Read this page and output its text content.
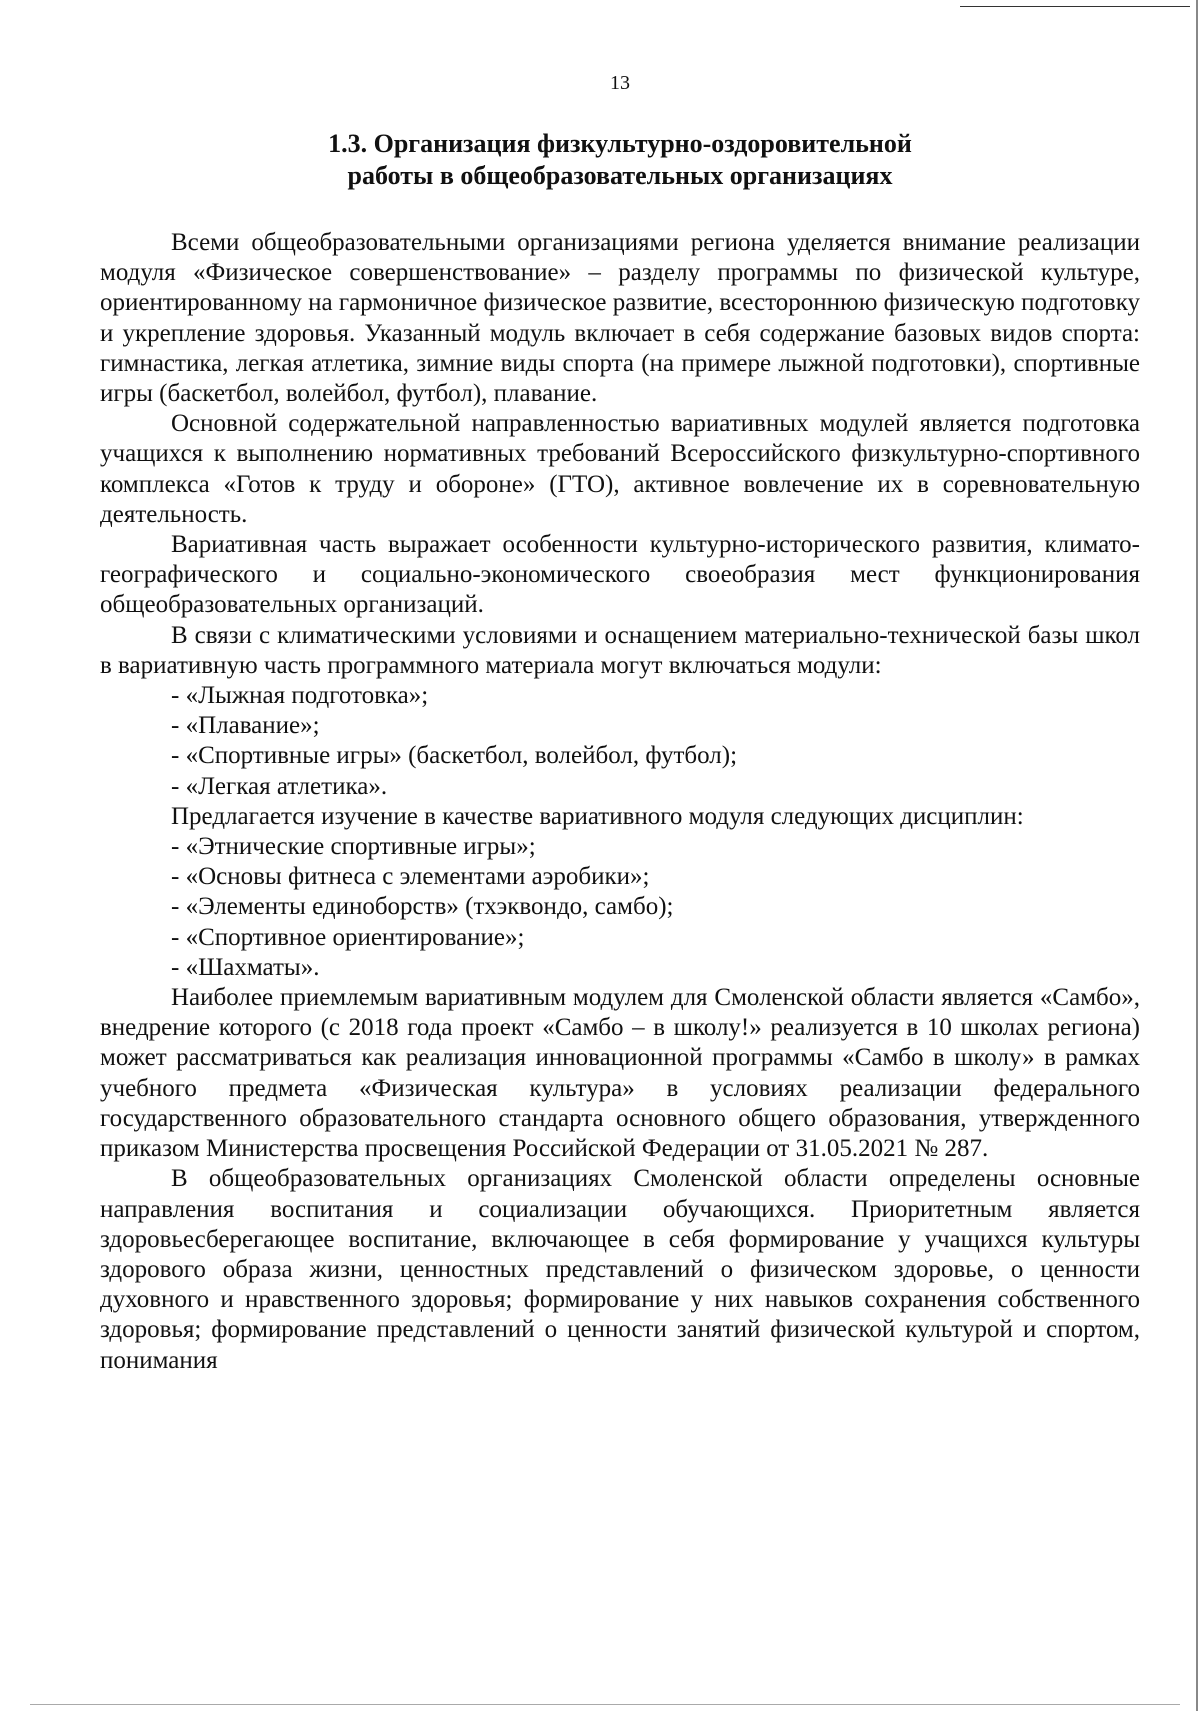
13
1.3. Организация физкультурно-оздоровительной
работы в общеобразовательных организациях

Всеми общеобразовательными организациями региона уделяется внимание реализации модуля «Физическое совершенствование» – разделу программы по физической культуре, ориентированному на гармоничное физическое развитие, всестороннюю физическую подготовку и укрепление здоровья. Указанный модуль включает в себя содержание базовых видов спорта: гимнастика, легкая атлетика, зимние виды спорта (на примере лыжной подготовки), спортивные игры (баскетбол, волейбол, футбол), плавание.

Основной содержательной направленностью вариативных модулей является подготовка учащихся к выполнению нормативных требований Всероссийского физкультурно-спортивного комплекса «Готов к труду и обороне» (ГТО), активное вовлечение их в соревновательную деятельность.

Вариативная часть выражает особенности культурно-исторического развития, климато-географического и социально-экономического своеобразия мест функционирования общеобразовательных организаций.

В связи с климатическими условиями и оснащением материально-технической базы школ в вариативную часть программного материала могут включаться модули:

- «Лыжная подготовка»;

- «Плавание»;

- «Спортивные игры» (баскетбол, волейбол, футбол);

- «Легкая атлетика».

Предлагается изучение в качестве вариативного модуля следующих дисциплин:

- «Этнические спортивные игры»;

- «Основы фитнеса с элементами аэробики»;

- «Элементы единоборств» (тхэквондо, самбо);

- «Спортивное ориентирование»;

- «Шахматы».

Наиболее приемлемым вариативным модулем для Смоленской области является «Самбо», внедрение которого (с 2018 года проект «Самбо – в школу!» реализуется в 10 школах региона) может рассматриваться как реализация инновационной программы «Самбо в школу» в рамках учебного предмета «Физическая культура» в условиях реализации федерального государственного образовательного стандарта основного общего образования, утвержденного приказом Министерства просвещения Российской Федерации от 31.05.2021 № 287.

В общеобразовательных организациях Смоленской области определены основные направления воспитания и социализации обучающихся. Приоритетным является здоровьесберегающее воспитание, включающее в себя формирование у учащихся культуры здорового образа жизни, ценностных представлений о физическом здоровье, о ценности духовного и нравственного здоровья; формирование у них навыков сохранения собственного здоровья; формирование представлений о ценности занятий физической культурой и спортом, понимания
